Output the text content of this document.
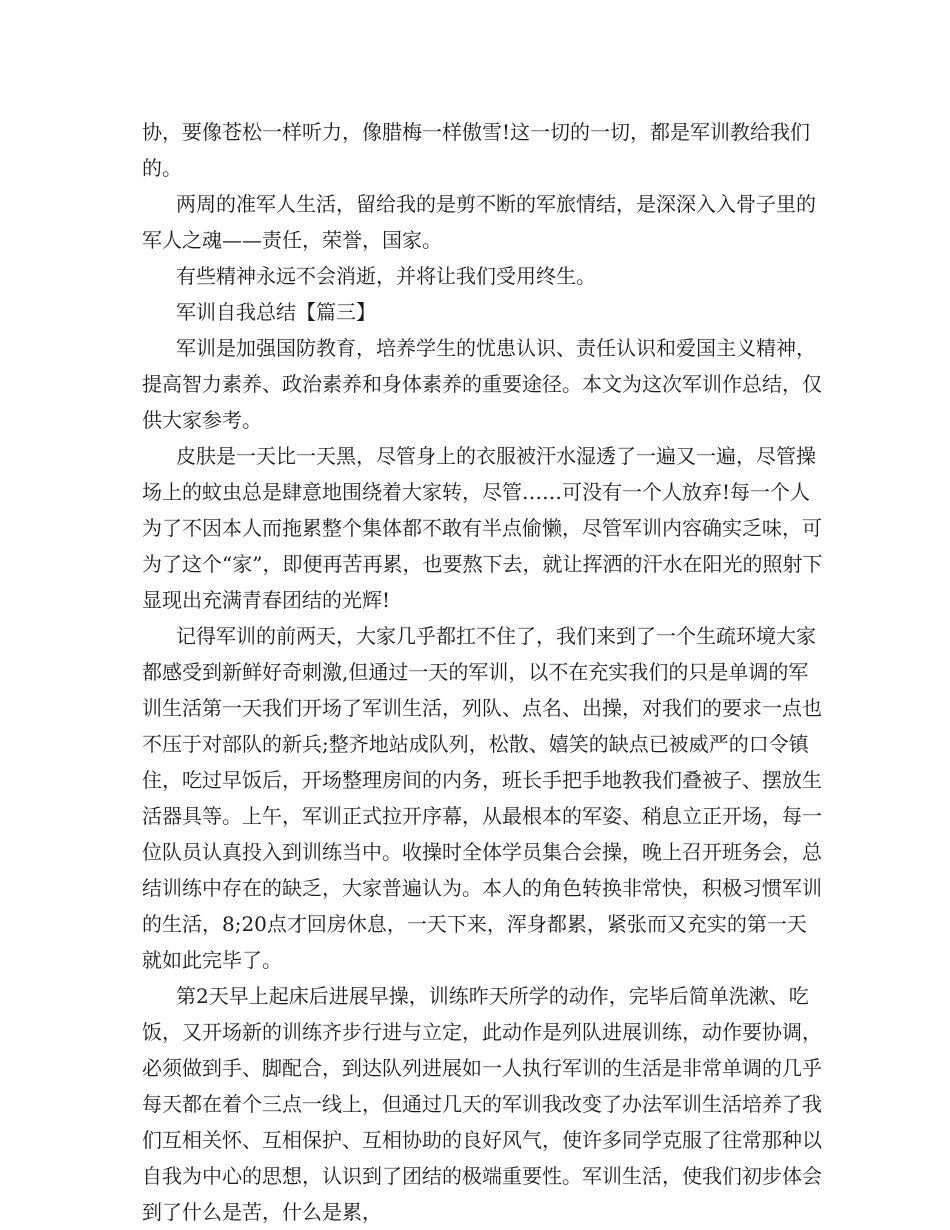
协，要像苍松一样听力，像腊梅一样傲雪!这一切的一切，都是军训教给我们的。

两周的准军人生活，留给我的是剪不断的军旅情结，是深深入入骨子里的军人之魂——责任，荣誉，国家。

有些精神永远不会消逝，并将让我们受用终生。

军训自我总结【篇三】

军训是加强国防教育，培养学生的忧患认识、责任认识和爱国主义精神，提高智力素养、政治素养和身体素养的重要途径。本文为这次军训作总结，仅供大家参考。

皮肤是一天比一天黑，尽管身上的衣服被汗水湿透了一遍又一遍，尽管操场上的蚊虫总是肆意地围绕着大家转，尽管……可没有一个人放弃!每一个人为了不因本人而拖累整个集体都不敢有半点偷懒，尽管军训内容确实乏味，可为了这个“家”，即便再苦再累，也要熬下去，就让挥洒的汗水在阳光的照射下显现出充满青春团结的光辉!

记得军训的前两天，大家几乎都扛不住了，我们来到了一个生疏环境大家都感受到新鲜好奇刺激,但通过一天的军训，以不在充实我们的只是单调的军训生活第一天我们开场了军训生活，列队、点名、出操，对我们的要求一点也不压于对部队的新兵;整齐地站成队列，松散、嬉笑的缺点已被威严的口令镇住，吃过早饭后，开场整理房间的内务，班长手把手地教我们叠被子、摆放生活器具等。上午，军训正式拉开序幕，从最根本的军姿、稍息立正开场，每一位队员认真投入到训练当中。收操时全体学员集合会操，晚上召开班务会，总结训练中存在的缺乏，大家普遍认为。本人的角色转换非常快，积极习惯军训的生活，8;20点才回房休息，一天下来，浑身都累，紧张而又充实的第一天就如此完毕了。

第2天早上起床后进展早操，训练昨天所学的动作，完毕后简单洗漱、吃饭，又开场新的训练齐步行进与立定，此动作是列队进展训练，动作要协调，必须做到手、脚配合，到达队列进展如一人执行军训的生活是非常单调的几乎每天都在着个三点一线上，但通过几天的军训我改变了办法军训生活培养了我们互相关怀、互相保护、互相协助的良好风气，使许多同学克服了往常那种以自我为中心的思想，认识到了团结的极端重要性。军训生活，使我们初步体会到了什么是苦，什么是累，
